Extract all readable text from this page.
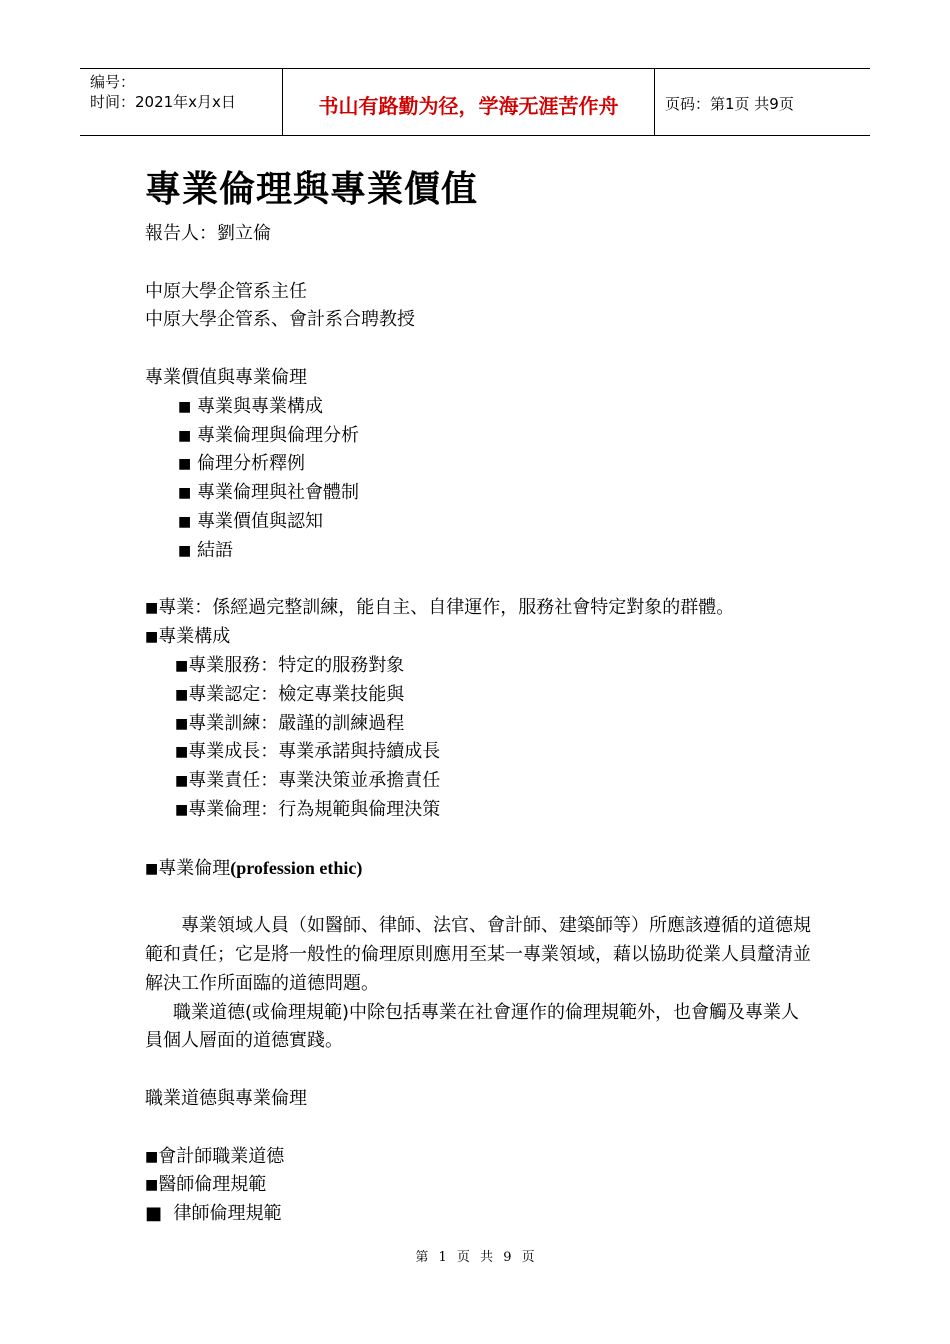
编号：
时间：2021年x月x日	书山有路勤为径，学海无涯苦作舟	页码：第1页 共9页
專業倫理與專業價值
報告人：劉立倫
中原大學企管系主任
中原大學企管系、會計系合聘教授
專業價值與專業倫理
■ 專業與專業構成
■ 專業倫理與倫理分析
■ 倫理分析釋例
■ 專業倫理與社會體制
■ 專業價值與認知
■ 結語
■專業：係經過完整訓練，能自主、自律運作，服務社會特定對象的群體。
■專業構成
■專業服務：特定的服務對象
■專業認定：檢定專業技能與
■專業訓練：嚴謹的訓練過程
■專業成長：專業承諾與持續成長
■專業責任：專業決策並承擔責任
■專業倫理：行為規範與倫理決策
■專業倫理(profession ethic)
專業領域人員（如醫師、律師、法官、會計師、建築師等）所應該遵循的道德規範和責任；它是將一般性的倫理原則應用至某一專業領域，藉以協助從業人員釐清並解決工作所面臨的道德問題。
職業道德(或倫理規範)中除包括專業在社會運作的倫理規範外，也會觸及專業人員個人層面的道德實踐。
職業道德與專業倫理
■會計師職業道德
■醫師倫理規範
■ 律師倫理規範
第 1 页 共 9 页
